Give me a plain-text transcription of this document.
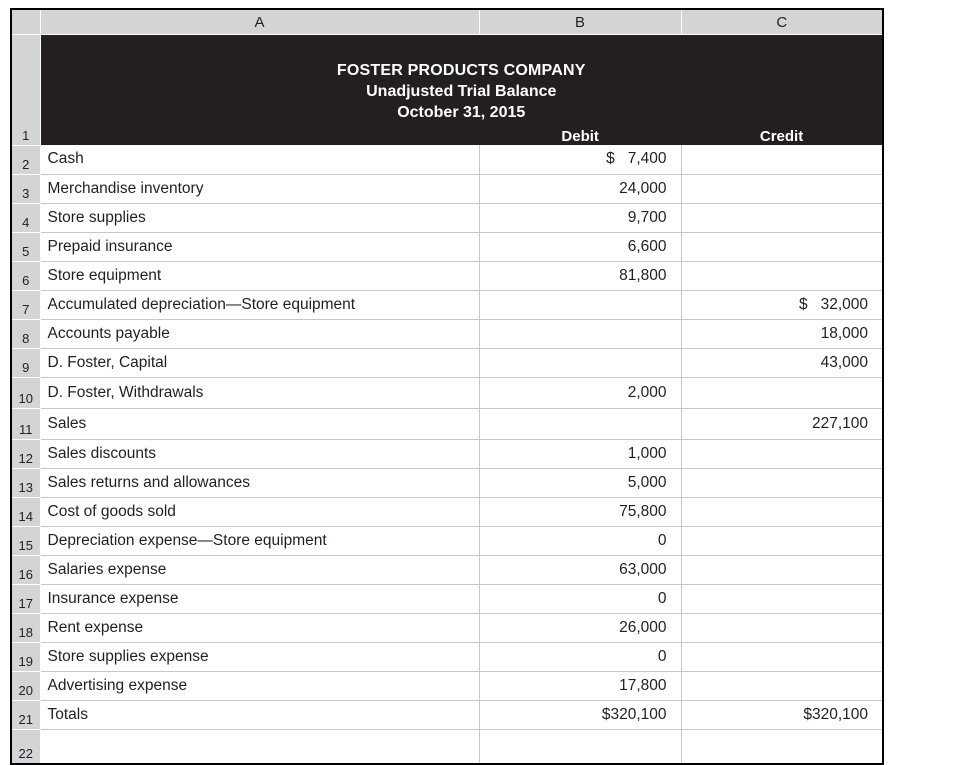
	A	B	C
1	FOSTER PRODUCTS COMPANY
Unadjusted Trial Balance
October 31, 2015
Debit Credit		

2	Cash	$ 7,400	
3	Merchandise inventory	24,000	
4	Store supplies	9,700	
5	Prepaid insurance	6,600	
6	Store equipment	81,800	
7	Accumulated depreciation—Store equipment		$ 32,000
8	Accounts payable		18,000
9	D. Foster, Capital		43,000
10	D. Foster, Withdrawals	2,000	
11	Sales		227,100
12	Sales discounts	1,000	
13	Sales returns and allowances	5,000	
14	Cost of goods sold	75,800	
15	Depreciation expense—Store equipment	0	
16	Salaries expense	63,000	
17	Insurance expense	0	
18	Rent expense	26,000	
19	Store supplies expense	0	
20	Advertising expense	17,800	
21	Totals	$320,100	$320,100
22			
